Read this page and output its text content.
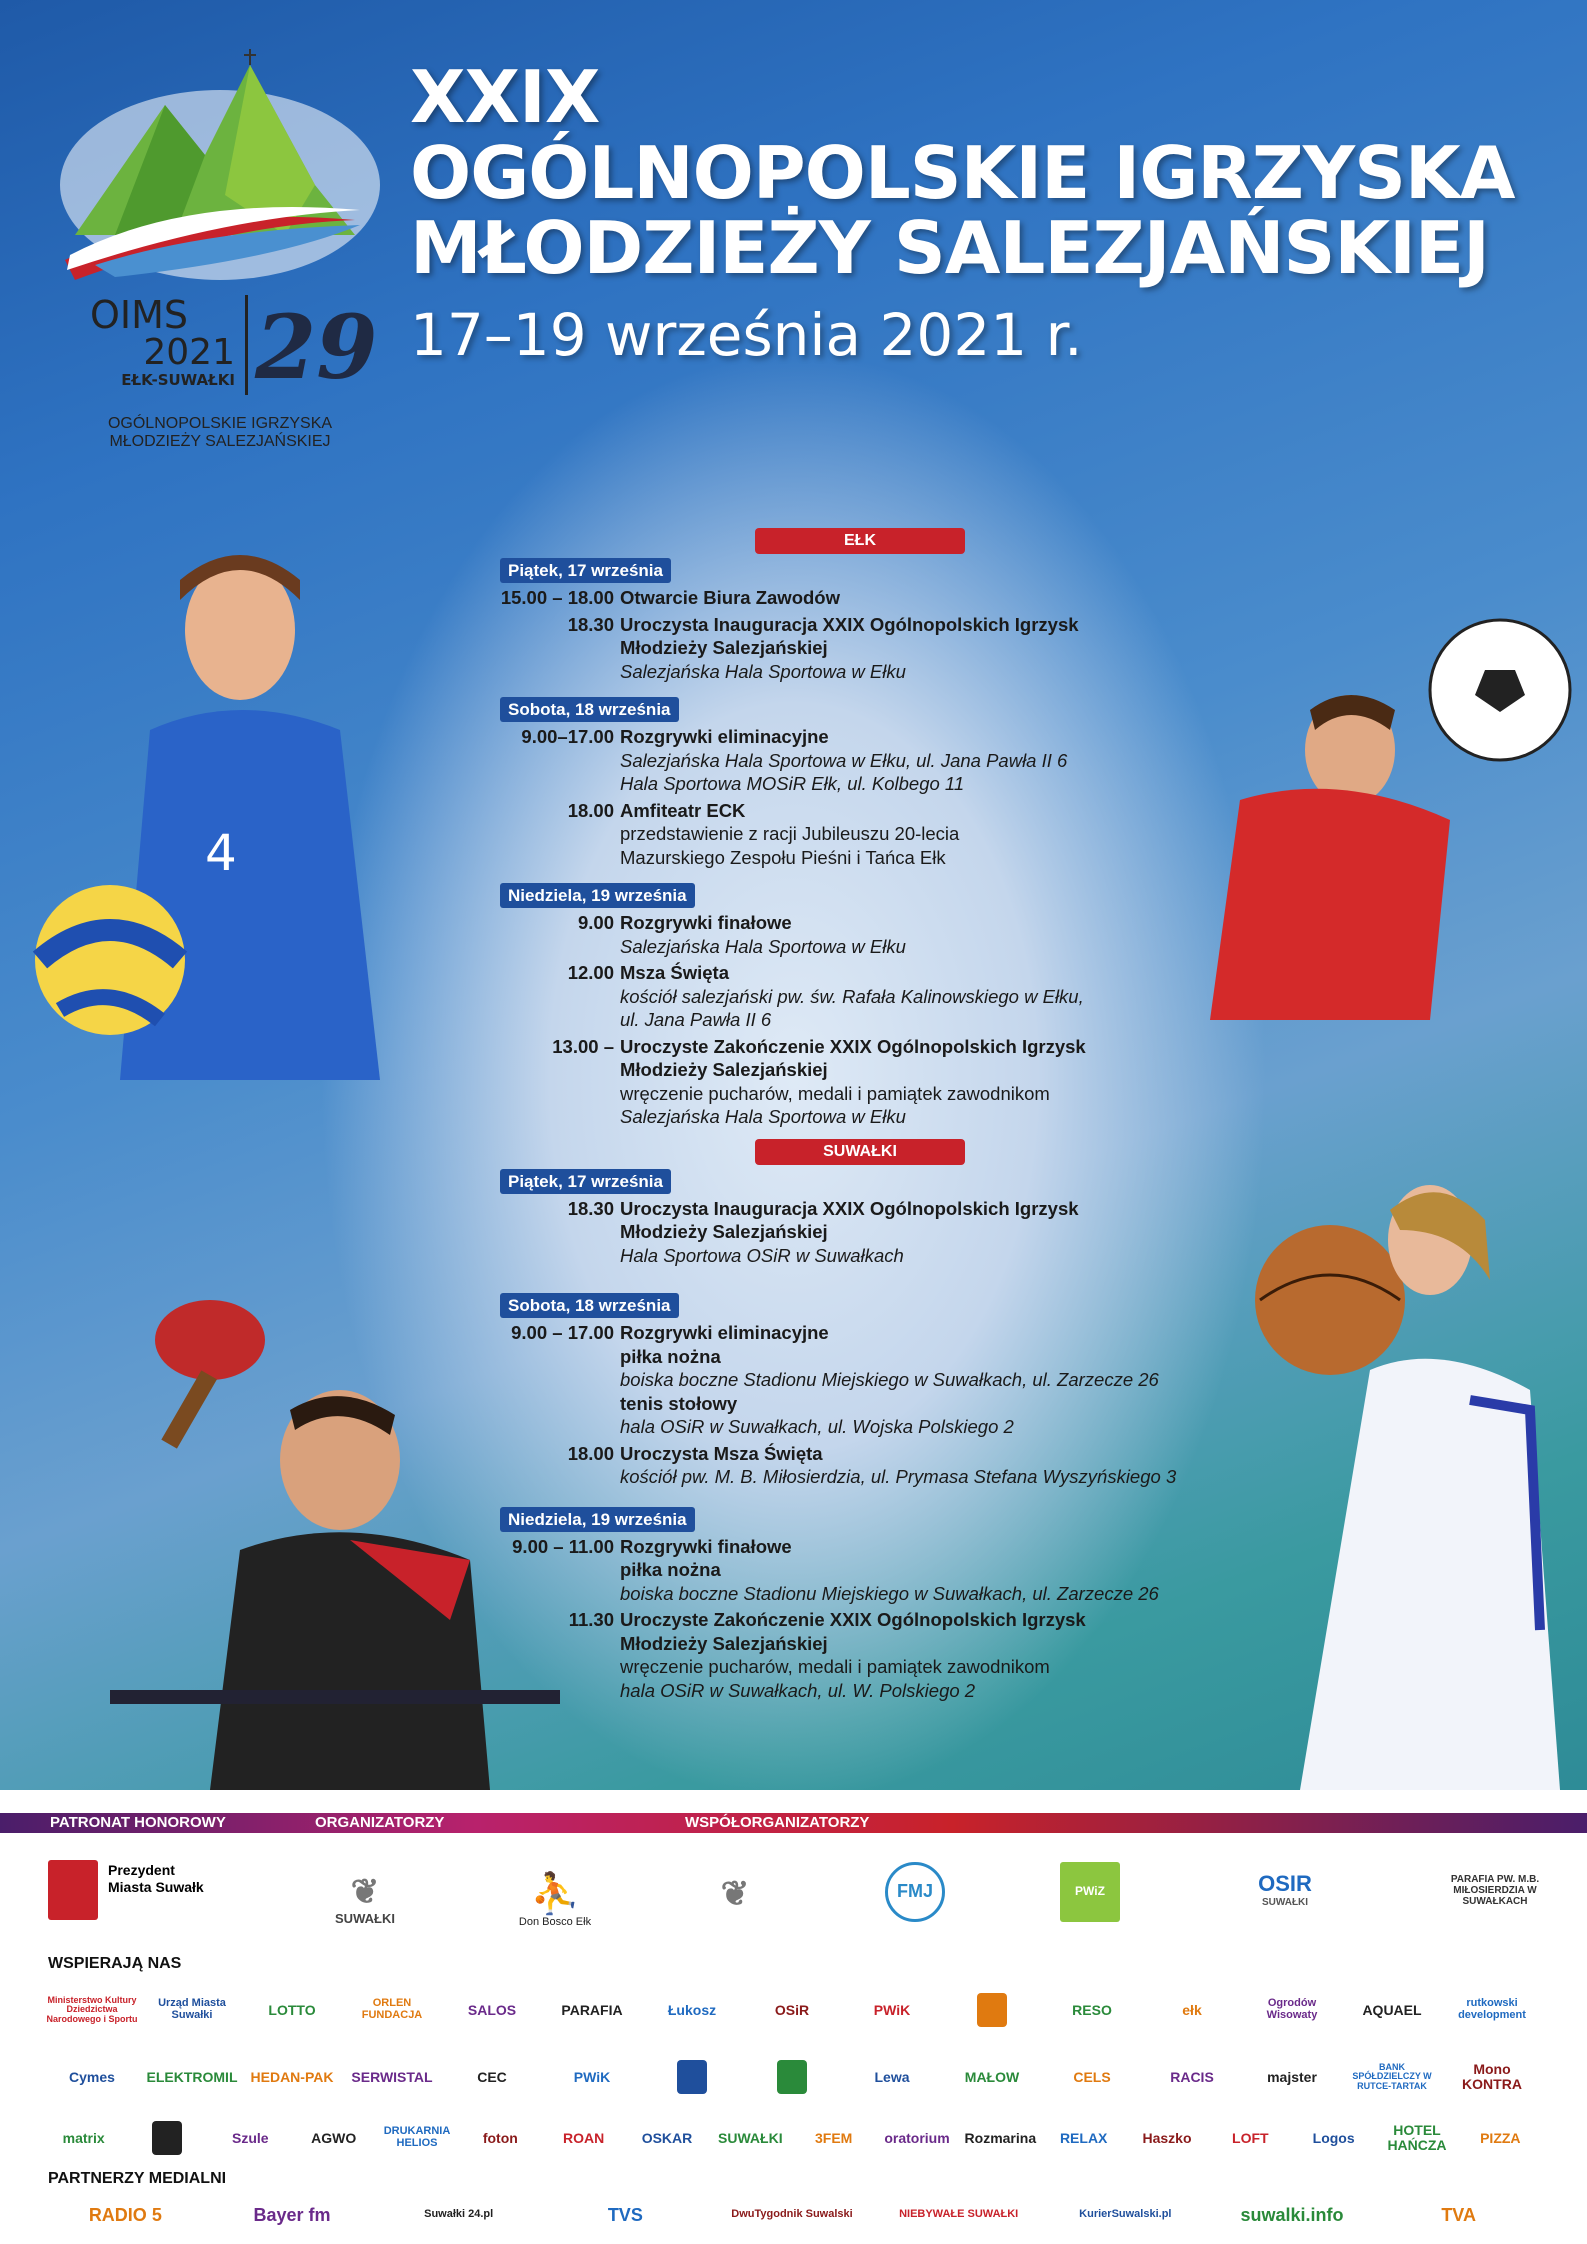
OIMS
2021
EŁK-SUWAŁKI 29
OGÓLNOPOLSKIE IGRZYSKA
MŁODZIEŻY SALEZJAŃSKIEJ
XXIX
OGÓLNOPOLSKIE IGRZYSKA
MŁODZIEŻY SALEZJAŃSKIEJ
17–19 września 2021 r.
4
EŁK
Piątek, 17 września
15.00 – 18.00 Otwarcie Biura Zawodów
18.30 Uroczysta Inauguracja XXIX Ogólnopolskich Igrzysk
Młodzieży Salezjańskiej
Salezjańska Hala Sportowa w Ełku
Sobota, 18 września
9.00–17.00 Rozgrywki eliminacyjne
Salezjańska Hala Sportowa w Ełku, ul. Jana Pawła II 6
Hala Sportowa MOSiR Ełk, ul. Kolbego 11
18.00 Amfiteatr ECK
przedstawienie z racji Jubileuszu 20-lecia
Mazurskiego Zespołu Pieśni i Tańca Ełk
Niedziela, 19 września
9.00 Rozgrywki finałowe
Salezjańska Hala Sportowa w Ełku
12.00 Msza Święta
kościół salezjański pw. św. Rafała Kalinowskiego w Ełku,
ul. Jana Pawła II 6
13.00 – Uroczyste Zakończenie XXIX Ogólnopolskich Igrzysk
Młodzieży Salezjańskiej
wręczenie pucharów, medali i pamiątek zawodnikom
Salezjańska Hala Sportowa w Ełku
SUWAŁKI
Piątek, 17 września
18.30 Uroczysta Inauguracja XXIX Ogólnopolskich Igrzysk
Młodzieży Salezjańskiej
Hala Sportowa OSiR w Suwałkach
Sobota, 18 września
9.00 – 17.00 Rozgrywki eliminacyjne
piłka nożna
boiska boczne Stadionu Miejskiego w Suwałkach, ul. Zarzecze 26
tenis stołowy
hala OSiR w Suwałkach, ul. Wojska Polskiego 2
18.00 Uroczysta Msza Święta
kościół pw. M. B. Miłosierdzia, ul. Prymasa Stefana Wyszyńskiego 3
Niedziela, 19 września
9.00 – 11.00 Rozgrywki finałowe
piłka nożna
boiska boczne Stadionu Miejskiego w Suwałkach, ul. Zarzecze 26
11.30 Uroczyste Zakończenie XXIX Ogólnopolskich Igrzysk
Młodzieży Salezjańskiej
wręczenie pucharów, medali i pamiątek zawodnikom
hala OSiR w Suwałkach, ul. W. Polskiego 2
PATRONAT HONOROWY	ORGANIZATORZY	WSPÓŁORGANIZATORZY
Prezydent
Miasta Suwałk	❦
SUWAŁKI
⛹
Don Bosco Ełk
❦	FMJ	PWiZ	OSIR
SUWAŁKI
PARAFIA PW. M.B. MIŁOSIERDZIA W SUWAŁKACH
WSPIERAJĄ NAS
Ministerstwo Kultury Dziedzictwa Narodowego i Sportu
Urząd Miasta Suwałki	LOTTO	ORLEN FUNDACJA	SALOS	PARAFIA	Łukosz	OSiR	PWiK	RESO	ełk	Ogrodów Wisowaty	AQUAEL	rutkowski development
Cymes	ELEKTROMIL HEDAN-PAK	SERWISTAL	CEC	PWiK	Lewa	MAŁOW	CELS	RACIS	majster
BANK SPÓŁDZIELCZY W RUTCE-TARTAK
Mono KONTRA
matrix	Szule	AGWO	DRUKARNIA HELIOS	foton	ROAN	OSKAR	SUWAŁKI	3FEM	oratorium	Rozmarina	RELAX	Haszko	LOFT	Logos	HOTEL HAŃCZA	PIZZA
PARTNERZY MEDIALNI
RADIO 5	Bayer fm	Suwałki 24.pl	TVS	DwuTygodnik Suwalski	NIEBYWAŁE SUWAŁKI	KurierSuwalski.pl	suwalki.info	TVA
